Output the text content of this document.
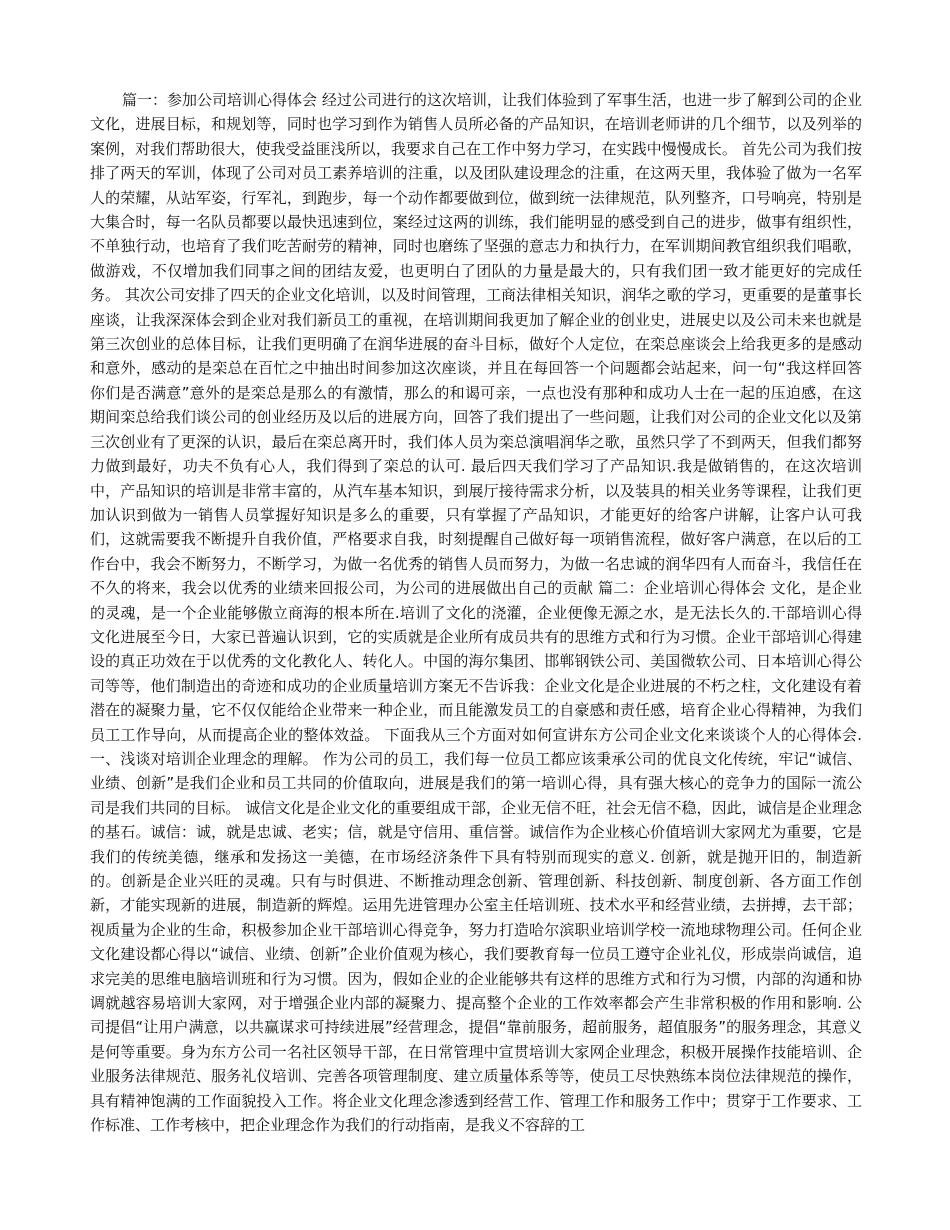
篇一：参加公司培训心得体会 经过公司进行的这次培训，让我们体验到了军事生活，也进一步了解到公司的企业文化，进展目标，和规划等，同时也学习到作为销售人员所必备的产品知识，在培训老师讲的几个细节，以及列举的案例，对我们帮助很大，使我受益匪浅所以，我要求自己在工作中努力学习，在实践中慢慢成长。 首先公司为我们按排了两天的军训，体现了公司对员工素养培训的注重，以及团队建设理念的注重，在这两天里，我体验了做为一名军人的荣耀，从站军姿，行军礼，到跑步，每一个动作都要做到位，做到统一法律规范，队列整齐，口号响亮，特别是大集合时，每一名队员都要以最快迅速到位，案经过这两的训练，我们能明显的感受到自己的进步，做事有组织性，不单独行动，也培育了我们吃苦耐劳的精神，同时也磨练了坚强的意志力和执行力，在军训期间教官组织我们唱歌，做游戏，不仅增加我们同事之间的团结友爱，也更明白了团队的力量是最大的，只有我们团一致才能更好的完成任务。 其次公司安排了四天的企业文化培训，以及时间管理，工商法律相关知识，润华之歌的学习，更重要的是董事长座谈，让我深深体会到企业对我们新员工的重视，在培训期间我更加了解企业的创业史，进展史以及公司未来也就是第三次创业的总体目标，让我们更明确了在润华进展的奋斗目标，做好个人定位，在栾总座谈会上给我更多的是感动和意外，感动的是栾总在百忙之中抽出时间参加这次座谈，并且在每回答一个问题都会站起来，问一句“我这样回答你们是否满意”意外的是栾总是那么的有激情，那么的和谒可亲，一点也没有那种和成功人士在一起的压迫感，在这期间栾总给我们谈公司的创业经历及以后的进展方向，回答了我们提出了一些问题，让我们对公司的企业文化以及第三次创业有了更深的认识，最后在栾总离开时，我们体人员为栾总演唱润华之歌，虽然只学了不到两天，但我们都努力做到最好，功夫不负有心人，我们得到了栾总的认可. 最后四天我们学习了产品知识.我是做销售的，在这次培训中，产品知识的培训是非常丰富的，从汽车基本知识，到展厅接待需求分析，以及装具的相关业务等课程，让我们更加认识到做为一销售人员掌握好知识是多么的重要，只有掌握了产品知识，才能更好的给客户讲解，让客户认可我们，这就需要我不断提升自我价值，严格要求自我，时刻提醒自己做好每一项销售流程，做好客户满意，在以后的工作台中，我会不断努力，不断学习，为做一名优秀的销售人员而努力，为做一名忠诚的润华四有人而奋斗，我信任在不久的将来，我会以优秀的业绩来回报公司，为公司的进展做出自己的贡献 篇二：企业培训心得体会 文化，是企业的灵魂，是一个企业能够傲立商海的根本所在.培训了文化的浇灌，企业便像无源之水，是无法长久的.干部培训心得文化进展至今日，大家已普遍认识到，它的实质就是企业所有成员共有的思维方式和行为习惯。企业干部培训心得建设的真正功效在于以优秀的文化教化人、转化人。中国的海尔集团、邯郸钢铁公司、美国微软公司、日本培训心得公司等等，他们制造出的奇迹和成功的企业质量培训方案无不告诉我：企业文化是企业进展的不朽之柱，文化建设有着潜在的凝聚力量，它不仅仅能给企业带来一种企业，而且能激发员工的自豪感和责任感，培育企业心得精神，为我们员工工作导向，从而提高企业的整体效益。 下面我从三个方面对如何宣讲东方公司企业文化来谈谈个人的心得体会. 一、浅谈对培训企业理念的理解。 作为公司的员工，我们每一位员工都应该秉承公司的优良文化传统，牢记“诚信、业绩、创新”是我们企业和员工共同的价值取向，进展是我们的第一培训心得，具有强大核心的竞争力的国际一流公司是我们共同的目标。 诚信文化是企业文化的重要组成干部，企业无信不旺，社会无信不稳，因此，诚信是企业理念的基石。诚信：诚，就是忠诚、老实；信，就是守信用、重信誉。诚信作为企业核心价值培训大家网尤为重要，它是我们的传统美德，继承和发扬这一美德，在市场经济条件下具有特别而现实的意义. 创新，就是抛开旧的，制造新的。创新是企业兴旺的灵魂。只有与时俱进、不断推动理念创新、管理创新、科技创新、制度创新、各方面工作创新，才能实现新的进展，制造新的辉煌。运用先进管理办公室主任培训班、技术水平和经营业绩，去拼搏，去干部；视质量为企业的生命，积极参加企业干部培训心得竞争，努力打造哈尔滨职业培训学校一流地球物理公司。任何企业文化建设都心得以“诚信、业绩、创新”企业价值观为核心，我们要教育每一位员工遵守企业礼仪，形成崇尚诚信，追求完美的思维电脑培训班和行为习惯。因为，假如企业的企业能够共有这样的思维方式和行为习惯，内部的沟通和协调就越容易培训大家网，对于增强企业内部的凝聚力、提高整个企业的工作效率都会产生非常积极的作用和影响. 公司提倡“让用户满意，以共赢谋求可持续进展”经营理念，提倡“靠前服务，超前服务，超值服务”的服务理念，其意义是何等重要。身为东方公司一名社区领导干部，在日常管理中宣贯培训大家网企业理念，积极开展操作技能培训、企业服务法律规范、服务礼仪培训、完善各项管理制度、建立质量体系等等，使员工尽快熟练本岗位法律规范的操作，具有精神饱满的工作面貌投入工作。将企业文化理念渗透到经营工作、管理工作和服务工作中；贯穿于工作要求、工作标准、工作考核中，把企业理念作为我们的行动指南，是我义不容辞的工
